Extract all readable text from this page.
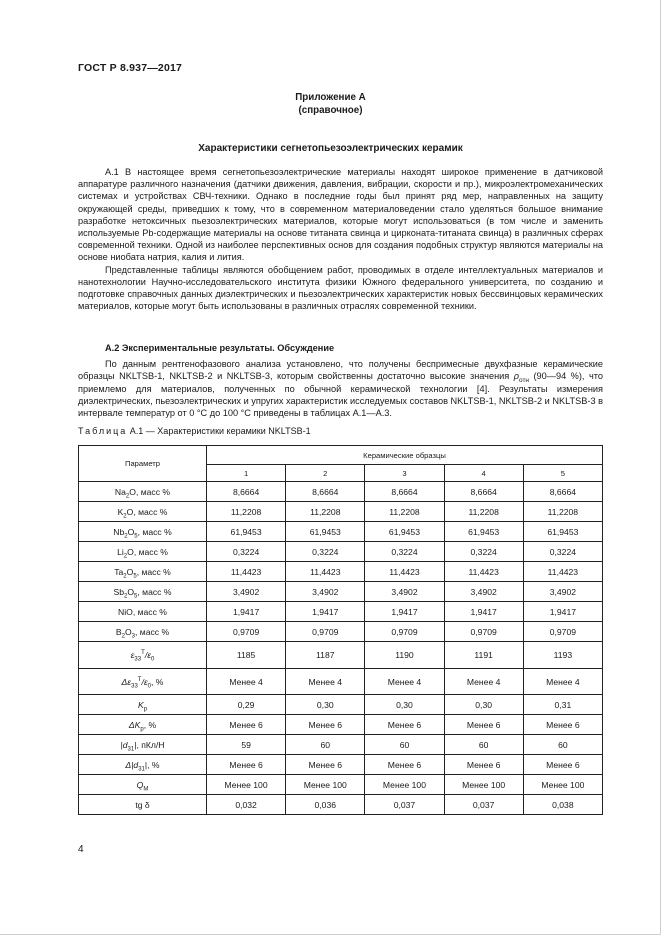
ГОСТ Р 8.937—2017
Приложение А
(справочное)
Характеристики сегнетопьезоэлектрических керамик

А.1 В настоящее время сегнетопьезоэлектрические материалы находят широкое применение в датчиковой аппаратуре различного назначения (датчики движения, давления, вибрации, скорости и пр.), микроэлектромеханических системах и устройствах СВЧ-техники. Однако в последние годы был принят ряд мер, направленных на защиту окружающей среды, приведших к тому, что в современном материаловедении стало уделяться большое внимание разработке нетоксичных пьезоэлектрических материалов, которые могут использоваться (в том числе и заменить используемые Pb-содержащие материалы на основе титаната свинца и цирконата-титаната свинца) в различных сферах современной техники. Одной из наиболее перспективных основ для создания подобных структур являются материалы на основе ниобата натрия, калия и лития.

Представленные таблицы являются обобщением работ, проводимых в отделе интеллектуальных материалов и нанотехнологии Научно-исследовательского института физики Южного федерального университета, по созданию и подготовке справочных данных диэлектрических и пьезоэлектрических характеристик новых бессвинцовых керамических материалов, которые могут быть использованы в различных отраслях современной техники.

А.2 Экспериментальные результаты. Обсуждение

По данным рентгенофазового анализа установлено, что получены беспримесные двухфазные керамические образцы NKLTSB-1, NKLTSB-2 и NKLTSB-3, которым свойственны достаточно высокие значения $\rho_{отн}$ (90—94 %), что приемлемо для материалов, полученных по обычной керамической технологии [4]. Результаты измерения диэлектрических, пьезоэлектрических и упругих характеристик исследуемых составов NKLTSB-1, NKLTSB-2 и NKLTSB-3 в интервале температур от 0 °С до 100 °С приведены в таблицах А.1—А.3.

Таблица А.1 — Характеристики керамики NKLTSB-1
Параметр	Керамические образцы				
	1	2	3	4	5
$Na_2O$, масс %	8,6664	8,6664	8,6664	8,6664	8,6664
$K_2O$, масс %	11,2208	11,2208	11,2208	11,2208	11,2208
$Nb_2O_5$, масс %	61,9453	61,9453	61,9453	61,9453	61,9453
$Li_2O$, масс %	0,3224	0,3224	0,3224	0,3224	0,3224
$Ta_2O_5$, масс %	11,4423	11,4423	11,4423	11,4423	11,4423
$Sb_2O_5$, масс %	3,4902	3,4902	3,4902	3,4902	3,4902
NiO, масс %	1,9417	1,9417	1,9417	1,9417	1,9417
$B_2O_3$, масс %	0,9709	0,9709	0,9709	0,9709	0,9709
$\varepsilon_{33}^T/\varepsilon_0$	1185	1187	1190	1191	1193
$\Delta\varepsilon_{33}^T/\varepsilon_0$, %	Менее 4	Менее 4	Менее 4	Менее 4	Менее 4
$K_p$	0,29	0,30	0,30	0,30	0,31
$\Delta K_p$, %	Менее 6	Менее 6	Менее 6	Менее 6	Менее 6
$|d_{31}|$, пКл/Н	59	60	60	60	60
$\Delta|d_{31}|$, %	Менее 6	Менее 6	Менее 6	Менее 6	Менее 6
$Q_M$	Менее 100	Менее 100	Менее 100	Менее 100	Менее 100
tg δ	0,032	0,036	0,037	0,037	0,038
4
